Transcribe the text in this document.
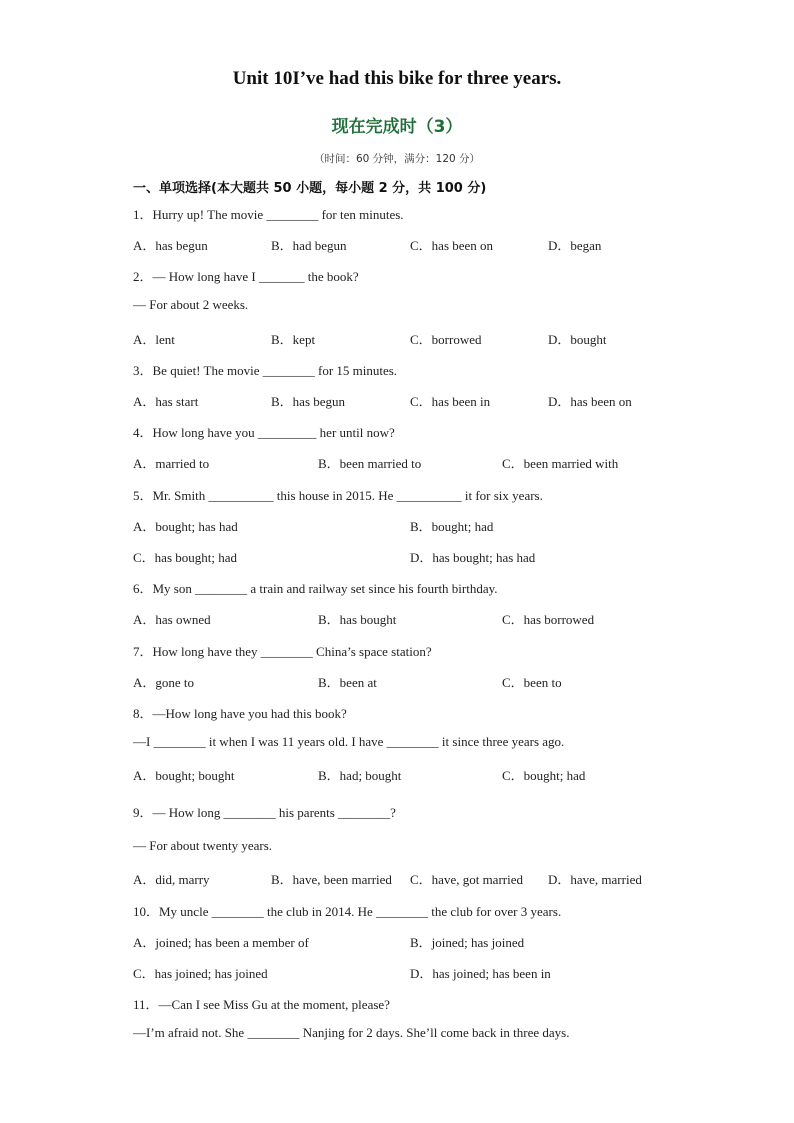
Unit 10I’ve had this bike for three years.
现在完成时（3）
（时间：60 分钟，满分：120 分）
一、单项选择(本大题共 50 小题，每小题 2 分，共 100 分)
1．Hurry up! The movie ________ for ten minutes.
A．has begun	B．had begun	C．has been on	D．began
2．— How long have I _______ the book?
— For about 2 weeks.
A．lent	B．kept	C．borrowed	D．bought
3．Be quiet! The movie ________ for 15 minutes.
A．has start	B．has begun	C．has been in	D．has been on
4．How long have you _________ her until now?
A．married to	B．been married to	C．been married with
5．Mr. Smith __________ this house in 2015. He __________ it for six years.
A．bought; has had	B．bought; had
C．has bought; had	D．has bought; has had
6．My son ________ a train and railway set since his fourth birthday.
A．has owned	B．has bought	C．has borrowed
7．How long have they ________ China’s space station?
A．gone to	B．been at	C．been to
8．—How long have you had this book?
—I ________ it when I was 11 years old. I have ________ it since three years ago.
A．bought; bought	B．had; bought	C．bought; had
9．— How long ________ his parents ________?
— For about twenty years.
A．did, marry	B．have, been married C．have, got married D．have, married
10．My uncle ________ the club in 2014. He ________ the club for over 3 years.
A．joined; has been a member of	B．joined; has joined
C．has joined; has joined	D．has joined; has been in
11．—Can I see Miss Gu at the moment, please?
—I’m afraid not. She ________ Nanjing for 2 days. She’ll come back in three days.
